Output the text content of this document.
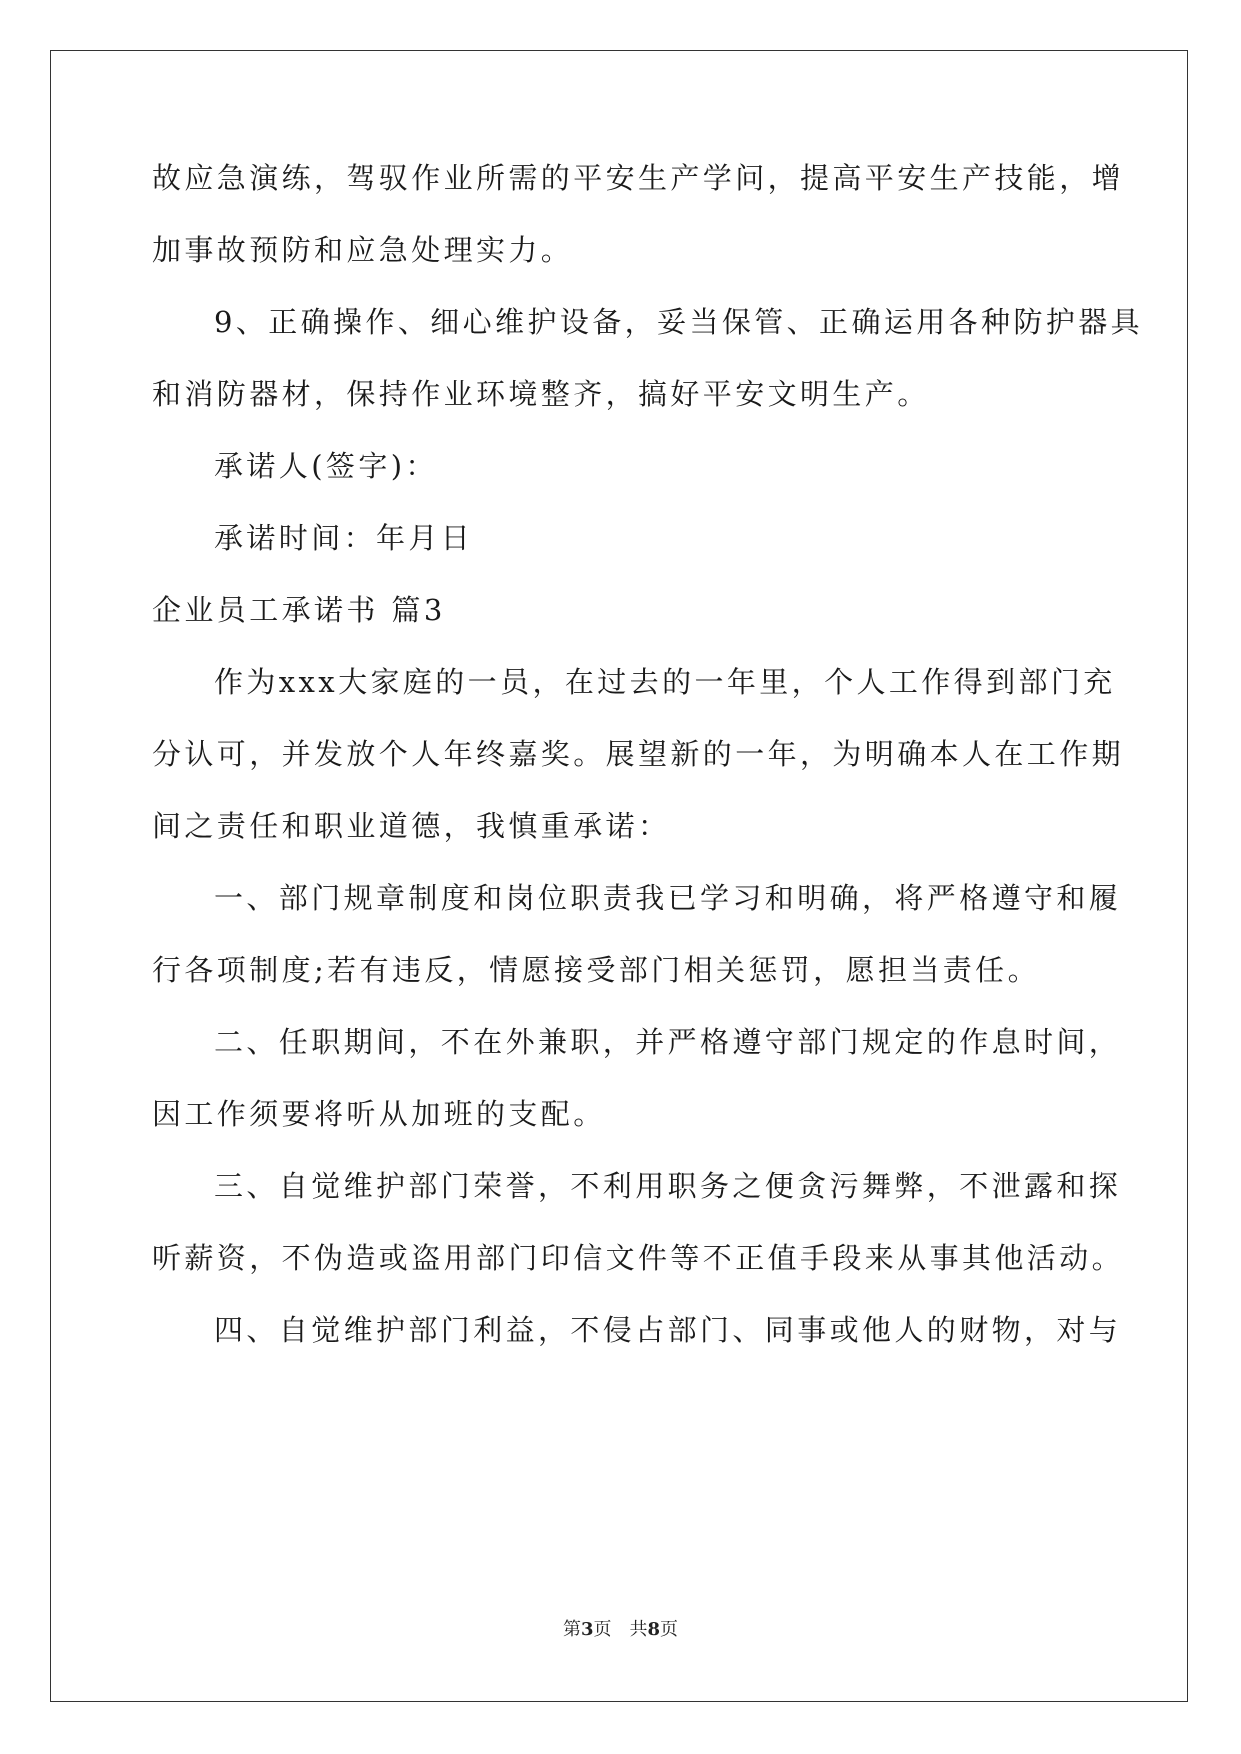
故应急演练，驾驭作业所需的平安生产学问，提高平安生产技能，增
加事故预防和应急处理实力。
9、正确操作、细心维护设备，妥当保管、正确运用各种防护器具
和消防器材，保持作业环境整齐，搞好平安文明生产。
承诺人(签字)：
承诺时间：年月日
企业员工承诺书 篇3
作为xxx大家庭的一员，在过去的一年里，个人工作得到部门充
分认可，并发放个人年终嘉奖。展望新的一年，为明确本人在工作期
间之责任和职业道德，我慎重承诺：
一、部门规章制度和岗位职责我已学习和明确，将严格遵守和履
行各项制度;若有违反，情愿接受部门相关惩罚，愿担当责任。
二、任职期间，不在外兼职，并严格遵守部门规定的作息时间，
因工作须要将听从加班的支配。
三、自觉维护部门荣誉，不利用职务之便贪污舞弊，不泄露和探
听薪资，不伪造或盗用部门印信文件等不正值手段来从事其他活动。
四、自觉维护部门利益，不侵占部门、同事或他人的财物，对与
第3页　共8页
